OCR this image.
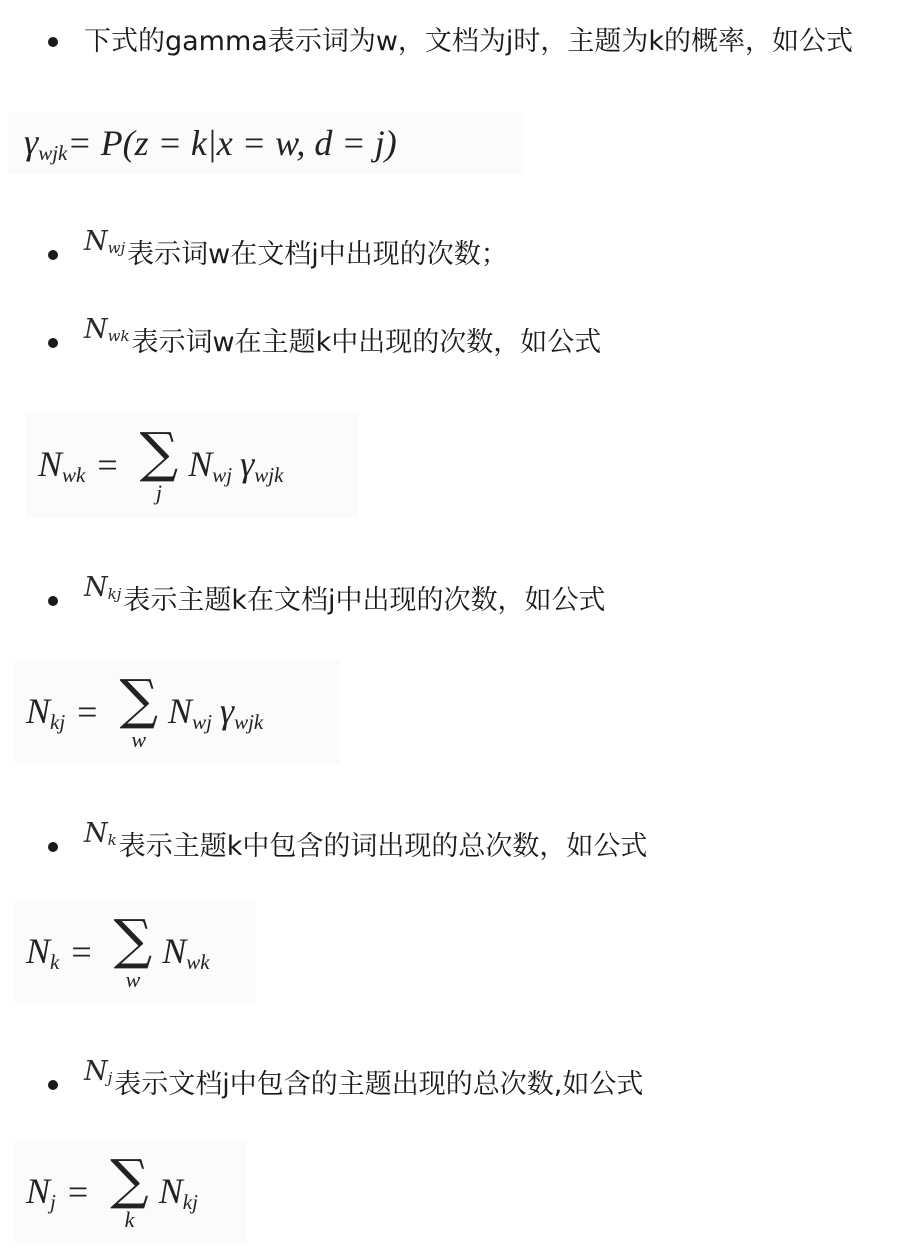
下式的gamma表示词为w，文档为j时，主题为k的概率，如公式
$\gamma_{wjk} = P(z = k|x = w$, d = j)
$N_{wj}$ 表示词w在文档j中出现的次数；
$N_{wk}$ 表示词w在主题k中出现的次数，如公式
$N_{wk}$ = ∑
j
$N_{wj}$ $\gamma_{wjk}$
$N_{kj}$ 表示主题k在文档j中出现的次数，如公式
$N_{kj}$ = ∑
w
$N_{wj}$ $\gamma_{wjk}$
$N_k$ 表示主题k中包含的词出现的总次数，如公式
$N_k$ = ∑
w
$N_{wk}$
$N_j$ 表示文档j中包含的主题出现的总次数,如公式
$N_j$ = ∑
k
$N_{kj}$
